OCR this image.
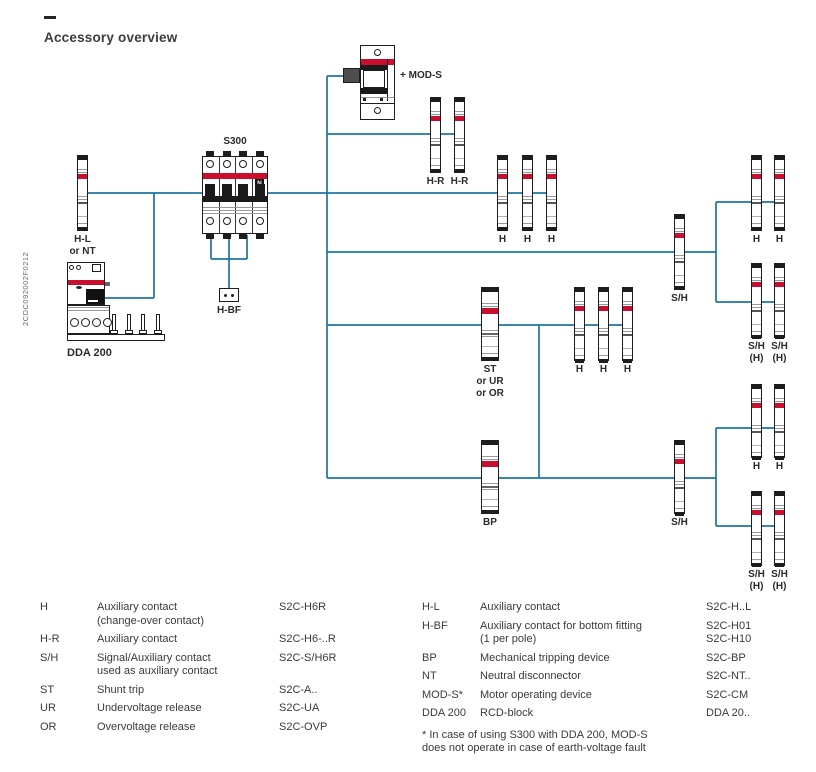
Accessory overview
2CDC092002F0212
H-L
or NT
S300
+ MOD-S
H-R H-R
H H H
S/H
H H
S/H
(H)
S/H
(H)
ST
or UR
or OR
H H H
BP	S/H
H H
S/H
(H)
S/H
(H)
H-BF
DDA 200
H	Auxiliary contact
(change-over contact)
S2C-H6R
H-R	Auxiliary contact	S2C-H6-..R
S/H	Signal/Auxiliary contact
used as auxiliary contact
S2C-S/H6R
ST	Shunt trip	S2C-A..
UR	Undervoltage release	S2C-UA
OR	Overvoltage release	S2C-OVP
H-L	Auxiliary contact	S2C-H..L
H-BF	Auxiliary contact for bottom fitting
(1 per pole)
S2C-H01
S2C-H10
BP	Mechanical tripping device	S2C-BP
NT	Neutral disconnector	S2C-NT..
MOD-S*	Motor operating device	S2C-CM
DDA 200	RCD-block	DDA 20..
* In case of using S300 with DDA 200, MOD-S
does not operate in case of earth-voltage fault
